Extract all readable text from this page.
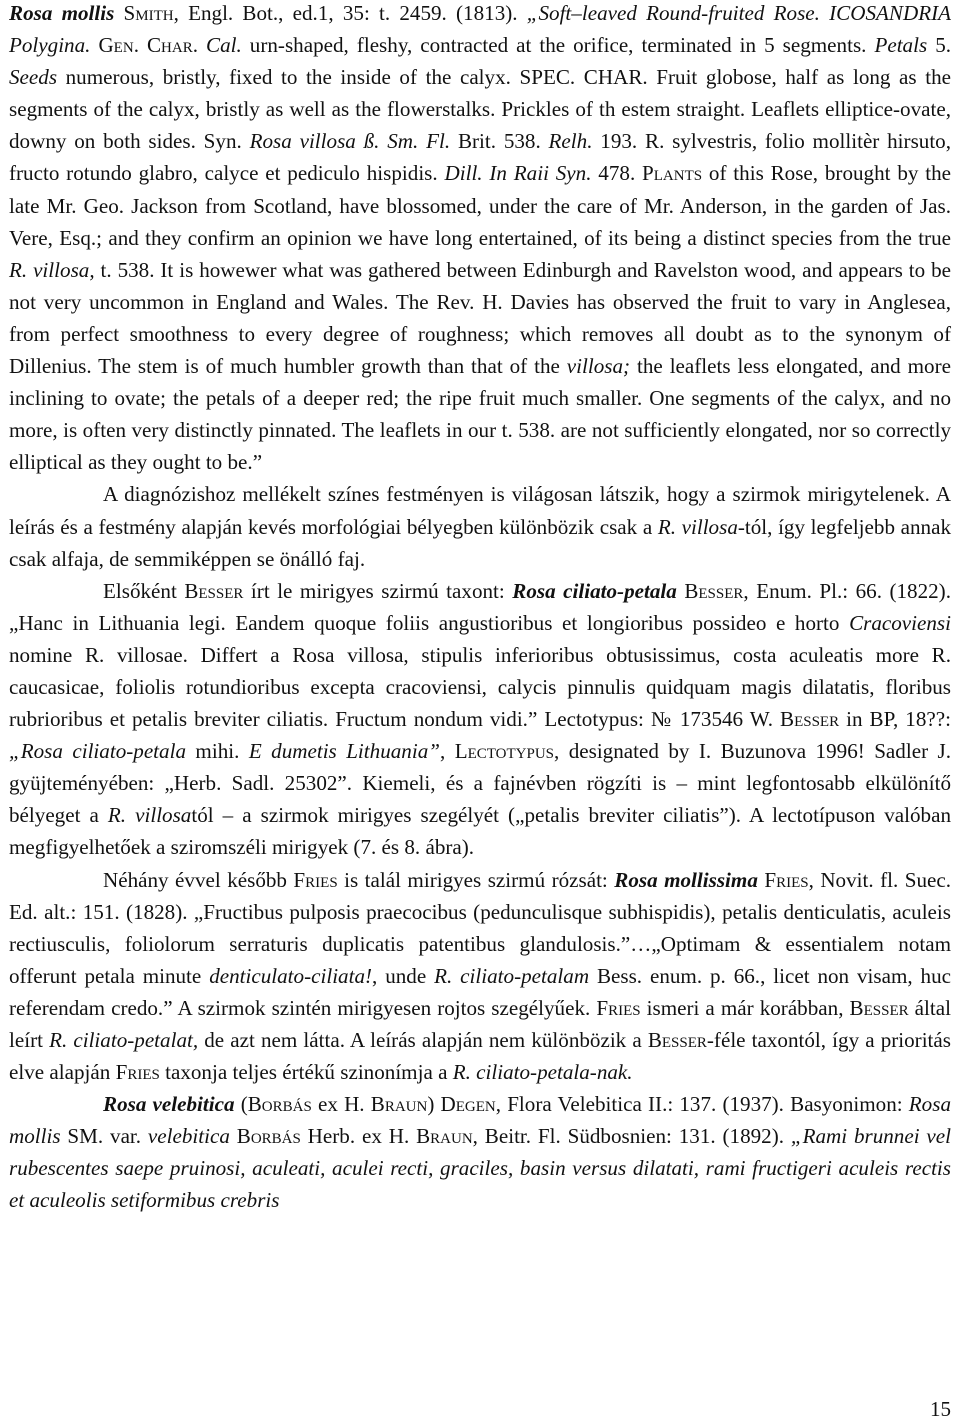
Rosa mollis Smith, Engl. Bot., ed.1, 35: t. 2459. (1813). „Soft–leaved Round-fruited Rose. ICOSANDRIA Polygina. Gen. Char. Cal. urn-shaped, fleshy, contracted at the orifice, terminated in 5 segments. Petals 5. Seeds numerous, bristly, fixed to the inside of the calyx. SPEC. CHAR. Fruit globose, half as long as the segments of the calyx, bristly as well as the flowerstalks. Prickles of th estem straight. Leaflets elliptice-ovate, downy on both sides. Syn. Rosa villosa ß. Sm. Fl. Brit. 538. Relh. 193. R. sylvestris, folio mollitèr hirsuto, fructo rotundo glabro, calyce et pediculo hispidis. Dill. In Raii Syn. 478. Plants of this Rose, brought by the late Mr. Geo. Jackson from Scotland, have blossomed, under the care of Mr. Anderson, in the garden of Jas. Vere, Esq.; and they confirm an opinion we have long entertained, of its being a distinct species from the true R. villosa, t. 538. It is howewer what was gathered between Edinburgh and Ravelston wood, and appears to be not very uncommon in England and Wales. The Rev. H. Davies has observed the fruit to vary in Anglesea, from perfect smoothness to every degree of roughness; which removes all doubt as to the synonym of Dillenius. The stem is of much humbler growth than that of the villosa; the leaflets less elongated, and more inclining to ovate; the petals of a deeper red; the ripe fruit much smaller. One segments of the calyx, and no more, is often very distinctly pinnated. The leaflets in our t. 538. are not sufficiently elongated, nor so correctly elliptical as they ought to be.”

A diagnózishoz mellékelt színes festményen is világosan látszik, hogy a szirmok mirigytelenek. A leírás és a festmény alapján kevés morfológiai bélyegben különbözik csak a R. villosa-tól, így legfeljebb annak csak alfaja, de semmiképpen se önálló faj.

Elsőként Besser írt le mirigyes szirmú taxont: Rosa ciliato-petala Besser, Enum. Pl.: 66. (1822). „Hanc in Lithuania legi. Eandem quoque foliis angustioribus et longioribus possideo e horto Cracoviensi nomine R. villosae. Differt a Rosa villosa, stipulis inferioribus obtusissimus, costa aculeatis more R. caucasicae, foliolis rotundioribus excepta cracoviensi, calycis pinnulis quidquam magis dilatatis, floribus rubrioribus et petalis breviter ciliatis. Fructum nondum vidi.” Lectotypus: № 173546 W. Besser in BP, 18??: „Rosa ciliato-petala mihi. E dumetis Lithuania”, Lectotypus, designated by I. Buzunova 1996! Sadler J. gyüjteményében: „Herb. Sadl. 25302”. Kiemeli, és a fajnévben rögzíti is – mint legfontosabb elkülönítő bélyeget a R. villosatól – a szirmok mirigyes szegélyét („petalis breviter ciliatis”). A lectotípuson valóban megfigyelhetőek a sziromszéli mirigyek (7. és 8. ábra).

Néhány évvel később Fries is talál mirigyes szirmú rózsát: Rosa mollissima Fries, Novit. fl. Suec. Ed. alt.: 151. (1828). „Fructibus pulposis praecocibus (pedunculisque subhispidis), petalis denticulatis, aculeis rectiusculis, foliolorum serraturis duplicatis patentibus glandulosis.”…„Optimam & essentialem notam offerunt petala minute denticulato-ciliata!, unde R. ciliato-petalam Bess. enum. p. 66., licet non visam, huc referendam credo.” A szirmok szintén mirigyesen rojtos szegélyűek. Fries ismeri a már korábban, Besser által leírt R. ciliato-petalat, de azt nem látta. A leírás alapján nem különbözik a Besser-féle taxontól, így a prioritás elve alapján Fries taxonja teljes értékű szinonímja a R. ciliato-petala-nak.

Rosa velebitica (Borbás ex H. Braun) Degen, Flora Velebitica II.: 137. (1937). Basyonimon: Rosa mollis SM. var. velebitica Borbás Herb. ex H. Braun, Beitr. Fl. Südbosnien: 131. (1892). „Rami brunnei vel rubescentes saepe pruinosi, aculeati, aculei recti, graciles, basin versus dilatati, rami fructigeri aculeis rectis et aculeolis setiformibus crebris

15
